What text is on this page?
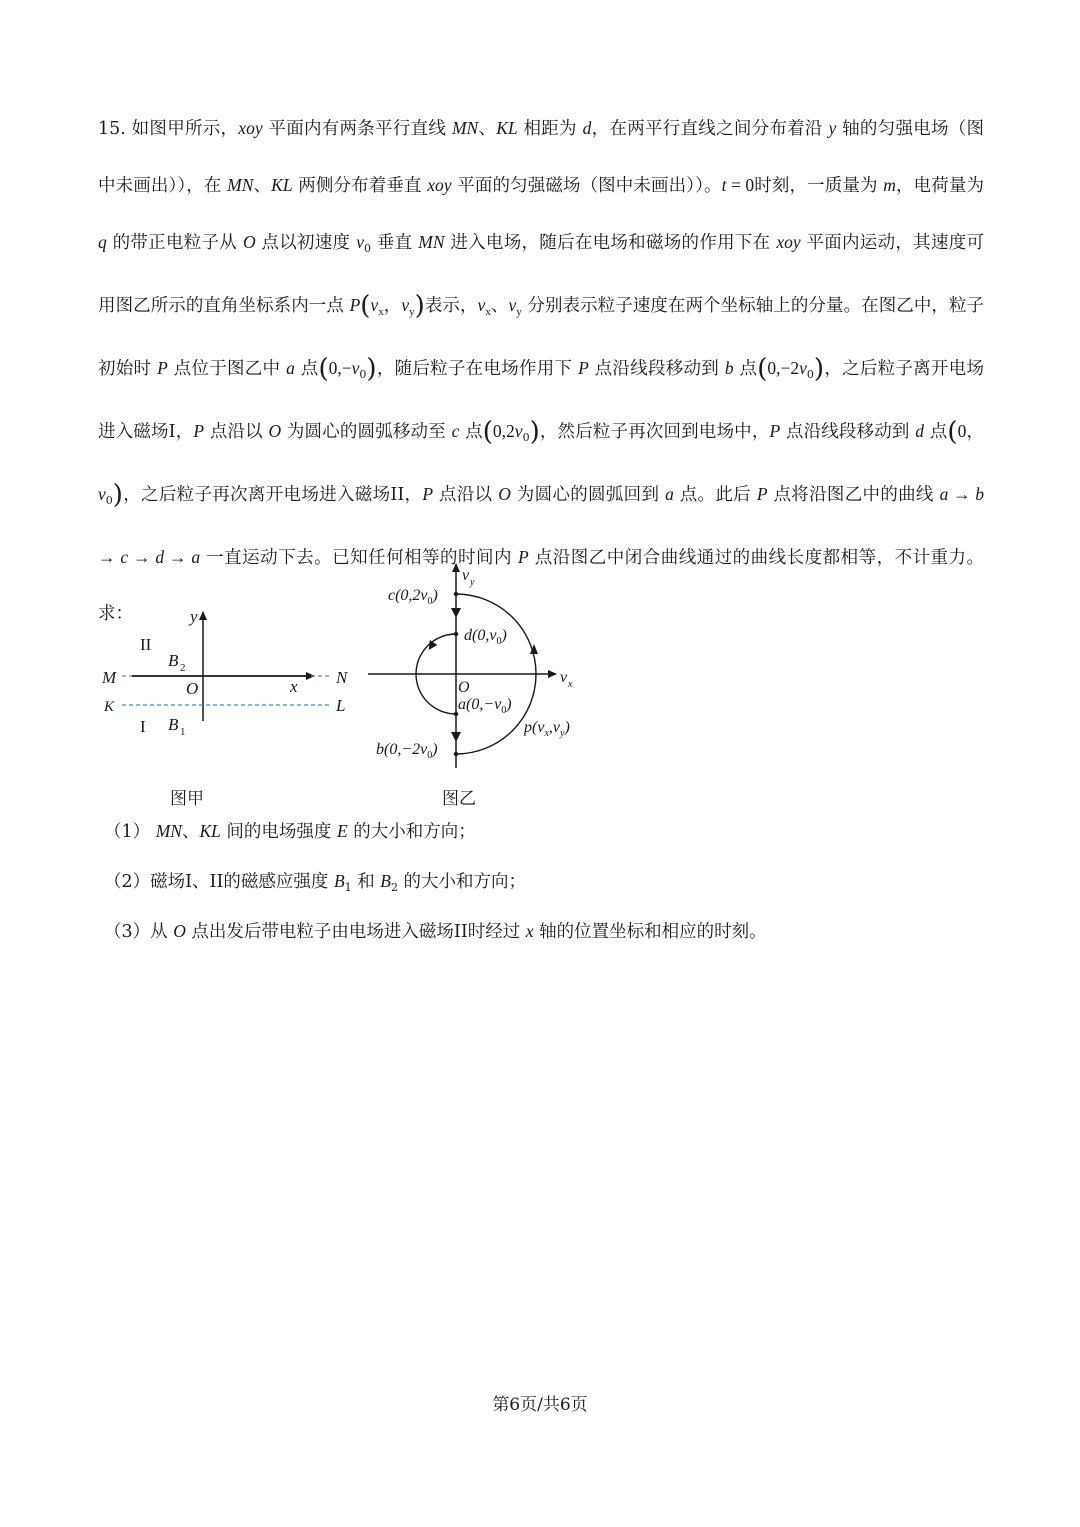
15. 如图甲所示，xoy 平面内有两条平行直线 MN、KL 相距为 d，在两平行直线之间分布着沿 y 轴的匀强电场（图中未画出）），在 MN、KL 两侧分布着垂直 xoy 平面的匀强磁场（图中未画出））。t = 0时刻，一质量为 m，电荷量为 q 的带正电粒子从 O 点以初速度 $v_0$ 垂直 MN 进入电场，随后在电场和磁场的作用下在 xoy 平面内运动，其速度可用图乙所示的直角坐标系内一点 $P(v_x$，$v_y$)表示，$v_x$、$v_y$ 分别表示粒子速度在两个坐标轴上的分量。在图乙中，粒子初始时 P 点位于图乙中 a 点$(0,-v_0)$，随后粒子在电场作用下 P 点沿线段移动到 b 点$(0,-2v_0)$，之后粒子离开电场进入磁场I，P 点沿以 O 为圆心的圆弧移动至 c 点$(0,2v_0)$，然后粒子再次回到电场中，P 点沿线段移动到 d 点(0，$v_0$)，之后粒子再次离开电场进入磁场II，P 点沿以 O 为圆心的圆弧回到 a 点。此后 P 点将沿图乙中的曲线 a → b → c → d → a 一直运动下去。已知任何相等的时间内 P 点沿图乙中闭合曲线通过的曲线长度都相等，不计重力。求：	y
x
O
II
I
M	N
K	L
B 2
B 1
v y
v x
O
$c(0,2v_0)$
$d(0,v_0)$
$a(0,-v_0)$
$b(0,-2v_0)$
$p(v_x,v_y)$
图甲	图乙
（1） MN、KL 间的电场强度 E 的大小和方向；
（2）磁场I、II的磁感应强度 $B_1$ 和 $B_2$ 的大小和方向；
（3）从 O 点出发后带电粒子由电场进入磁场II时经过 x 轴的位置坐标和相应的时刻。
第6页/共6页
